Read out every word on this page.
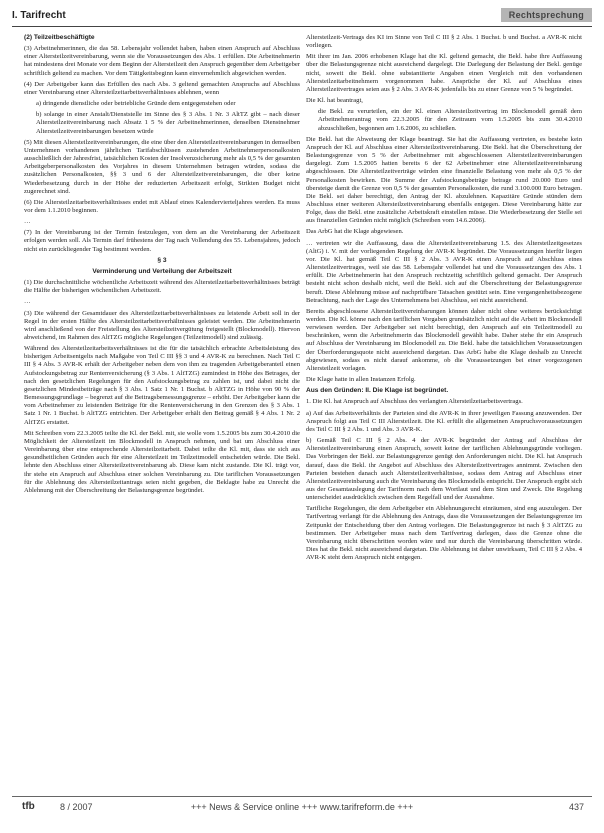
I. Tarifrecht	Rechtsprechung

(2) Teilzeitbeschäftigte

(3) Arbeitnehmerinnen, die das 58. Lebensjahr vollendet haben, haben einen Anspruch auf Abschluss einer Altersteilzeitvereinbarung, wenn sie die Voraussetzungen des Abs. 1 erfüllen. Die Arbeitnehmerin hat mindestens drei Monate vor dem Beginn der Altersteilzeit den Anspruch gegenüber dem Arbeitgeber schriftlich geltend zu machen. Vor dem Tätigkeitsbeginn kann einvernehmlich abgewichen werden.

(4) Der Arbeitgeber kann das Erfüllen des nach Abs. 3 geltend gemachten Anspruchs auf Abschluss einer Vereinbarung einer Altersteilzeitarbeitsverhältnisses ablehnen, wenn

a) dringende dienstliche oder betriebliche Gründe dem entgegenstehen oder

b) solange in einer Anstalt/Dienststelle im Sinne des § 3 Abs. 1 Nr. 3 AltTZ gibt – nach dieser Altersteilzeitvereinbarung nach Absatz 1 5 % der Arbeitnehmerinnen, denselben Dienstnehmer Altersteilzeitvereinbarungen besetzen würde

(5) Mit diesen Altersteilzeitvereinbarungen, die eine über den Altersteilzeitvereinbarungen in demselben Unternehmen vorhandenen jährlichen Tarifabschlüssen zustehenden Arbeitnehmerpersonalkosten ausschließlich der Jahresfrist, tatsächlichen Kosten der Insolvenzsicherung mehr als 0,5 % der gesamten Arbeitgeberpersonalkosten des Vorjahres in diesem Unternehmen betragen würden, sodass die zusätzlichen Personalkosten, §§ 3 und 6 der Altersteilzeitvereinbarungen, die über keine Wiederbesetzung durch in der Höhe der reduzierten Arbeitszeit erfolgt, Strikten Budget nicht zugerechnet sind.

(6) Die Altersteilzeitarbeitsverhältnisses endet mit Ablauf eines Kalendervierteljahres werden. Es muss vor dem 1.1.2010 beginnen.

…

(7) In der Vereinbarung ist der Termin festzulegen, von dem an die Vereinbarung der Arbeitszeit erfolgen werden soll. Als Termin darf frühestens der Tag nach Vollendung des 55. Lebensjahres, jedoch nicht ein zurückliegender Tag bestimmt werden.

§ 3

Verminderung und Verteilung der Arbeitszeit

(1) Die durchschnittliche wöchentliche Arbeitszeit während des Altersteilzeitarbeitsverhältnisses beträgt die Hälfte der bisherigen wöchentlichen Arbeitszeit.

…

(3) Die während der Gesamtdauer des Altersteilzeitarbeitsverhältnisses zu leistende Arbeit soll in der Regel in der ersten Hälfte des Altersteilzeitarbeitsverhältnisses geleistet werden. Die Arbeitnehmerin wird anschließend von der Freistellung des Altersteilzeitvergütung freigestellt (Blockmodell). Hiervon abweichend, im Rahmen des AltTZG mögliche Regelungen (Teilzeitmodell) sind zulässig.

Während des Altersteilzeitarbeitsverhältnisses ist die für die tatsächlich erbrachte Arbeitsleistung des bisherigen Arbeitsentgelts nach Maßgabe von Teil C III §§ 3 und 4 AVR-K zu berechnen. Nach Teil C III § 4 Abs. 3 AVR-K erhält der Arbeitgeber neben dem von ihm zu tragenden Arbeitgeberanteil einen Aufstockungsbetrag zur Rentenversicherung (§ 3 Abs. 1 AltTZG) zumindest in Höhe des Betrages, der nach den gesetzlichen Regelungen für den Aufstockungsbetrag zu zahlen ist, und dabei nicht die gesetzlichen Mindestbeiträge nach § 3 Abs. 1 Satz 1 Nr. 1 Buchst. b AltTZG in Höhe von 90 % der Bemessungsgrundlage – begrenzt auf die Beitragsbemessungsgrenze – erhöht. Der Arbeitgeber kann die vom Arbeitnehmer zu leistenden Beiträge für die Rentenversicherung in den Grenzen des § 3 Abs. 1 Satz 1 Nr. 1 Buchst. b AltTZG entrichten. Der Arbeitgeber erhält den Beitrag gemäß § 4 Abs. 1 Nr. 2 AltTZG erstattet.

Mit Schreiben vom 22.3.2005 teilte die Kl. der Bekl. mit, sie wolle vom 1.5.2005 bis zum 30.4.2010 die Möglichkeit der Altersteilzeit im Blockmodell in Anspruch nehmen, und bat um Abschluss einer Vereinbarung über eine entsprechende Altersteilzeitarbeit. Dabei teilte die Kl. mit, dass sie sich aus gesundheitlichen Gründen auch für eine Altersteilzeit im Teilzeitmodell entscheiden würde. Die Bekl. lehnte den Abschluss einer Altersteilzeitvereinbarung ab. Diese kam nicht zustande. Die Kl. trägt vor, ihr stehe ein Anspruch auf Abschluss einer solchen Vereinbarung zu. Die tariflichen Voraussetzungen für die Ablehnung des Altersteilzeitantrags seien nicht gegeben, die Beklagte habe zu Unrecht die Ablehnung mit der Überschreitung der Belastungsgrenze begründet.

Altersteilzeit-Vertrags des KI im Sinne von Teil C III § 2 Abs. 1 Buchst. b und Buchst. a AVR-K nicht vorliegen.

Mit ihrer im Jan. 2006 erhobenen Klage hat die Kl. geltend gemacht, die Bekl. habe ihre Auffassung über die Belastungsgrenze nicht ausreichend dargelegt. Die Darlegung der Belastung der Bekl. genüge nicht, soweit die Bekl. ohne substantiierte Angaben einen Vergleich mit den vorhandenen Altersteilzeitarbeitnehmern vorgenommen habe. Ansprüche der Kl. auf Abschluss eines Altersteilzeitvertrages seien aus § 2 Abs. 3 AVR-K jedenfalls bis zu einer Grenze von 5 % begründet.

Die Kl. hat beantragt,

die Bekl. zu verurteilen, ein der Kl. einen Altersteilzeitvertrag im Blockmodell gemäß dem Arbeitnehmerantrag vom 22.3.2005 für den Zeitraum vom 1.5.2005 bis zum 30.4.2010 abzuschließen, begonnen am 1.6.2006, zu schließen.

Die Bekl. hat die Abweisung der Klage beantragt. Sie hat die Auffassung vertreten, es bestehe kein Anspruch der Kl. auf Abschluss einer Altersteilzeitvereinbarung. Die Bekl. hat die Überschreitung der Belastungsgrenze von 5 % der Arbeitnehmer mit abgeschlossenen Altersteilzeitvereinbarungen dargelegt. Zum 1.5.2005 hatten bereits 6 der 62 Arbeitnehmer eine Altersteilzeitvereinbarung abgeschlossen. Die Altersteilzeitverträge würden eine finanzielle Belastung von mehr als 0,5 % der Personalkosten bewirken. Die Summe der Aufstockungsbeträge betrage rund 20.000 Euro und übersteige damit die Grenze von 0,5 % der gesamten Personalkosten, die rund 3.100.000 Euro betragen. Die Bekl. sei daher berechtigt, den Antrag der Kl. abzulehnen. Kapazitäre Gründe stünden dem Abschluss einer weiteren Altersteilzeitvereinbarung ebenfalls entgegen. Diese Vereinbarung hätte zur Folge, dass die Bekl. eine zusätzliche Arbeitskraft einstellen müsse. Die Wiederbesetzung der Stelle sei aus finanziellen Gründen nicht möglich (Schreiben vom 14.6.2006).

Das ArbG hat die Klage abgewiesen.

… vertreten wir die Auffassung, dass die Altersteilzeitvereinbarung 1.5. des Altersteilzeitgesetzes (AltG) i. V. mit der vorliegenden Regelung der AVR-K begründet. Die Voraussetzungen hierfür liegen vor. Die Kl. hat gemäß Teil C III § 2 Abs. 3 AVR-K einen Anspruch auf Abschluss eines Altersteilzeitvertrages, weil sie das 58. Lebensjahr vollendet hat und die Voraussetzungen des Abs. 1 erfüllt. Die Arbeitnehmerin hat den Anspruch rechtzeitig schriftlich geltend gemacht. Der Anspruch besteht nicht schon deshalb nicht, weil die Bekl. sich auf die Überschreitung der Belastungsgrenze beruft. Diese Ablehnung müsse auf nachprüfbare Tatsachen gestützt sein. Eine vergangenheitsbezogene Betrachtung, nach der Lage des Unternehmens bei Abschluss, sei nicht ausreichend.

Bereits abgeschlossene Altersteilzeitvereinbarungen können daher nicht ohne weiteres berücksichtigt werden. Die Kl. könne nach den tariflichen Vorgaben grundsätzlich nicht auf die Arbeit im Blockmodell verwiesen werden. Der Arbeitgeber sei nicht berechtigt, den Anspruch auf ein Teilzeitmodell zu beschränken, wenn die Arbeitnehmerin das Blockmodell gewählt habe. Daher stehe ihr ein Anspruch auf Abschluss der Vereinbarung im Blockmodell zu. Die Bekl. habe die tatsächlichen Voraussetzungen der Überforderungsquote nicht ausreichend dargetan. Das ArbG habe die Klage deshalb zu Unrecht abgewiesen, sodass es nicht darauf ankomme, ob die Voraussetzungen bei einer vorgezogenen Altersteilzeit vorlagen.

Die Klage hatte in allen Instanzen Erfolg.

Aus den Gründen: II. Die Klage ist begründet.

1. Die Kl. hat Anspruch auf Abschluss des verlangten Altersteilzeitarbeitsvertrags.

a) Auf das Arbeitsverhältnis der Parteien sind die AVR-K in ihrer jeweiligen Fassung anzuwenden. Der Anspruch folgt aus Teil C III Altersteilzeit. Die Kl. erfüllt die allgemeinen Anspruchsvoraussetzungen des Teil C III § 2 Abs. 1 und Abs. 3 AVR-K.

b) Gemäß Teil C III § 2 Abs. 4 der AVR-K begründet der Antrag auf Abschluss der Altersteilzeitvereinbarung einen Anspruch, soweit keine der tariflichen Ablehnungsgründe vorliegen. Das Vorbringen der Bekl. zur Belastungsgrenze genügt den Anforderungen nicht. Die Kl. hat Anspruch darauf, dass die Bekl. ihr Angebot auf Abschluss des Altersteilzeitvertrages annimmt. Zwischen den Parteien bestehen danach auch Altersteilzeitverhältnisse, sodass dem Antrag auf Abschluss einer Altersteilzeitvereinbarung auch die Vereinbarung des Blockmodells entspricht. Der Anspruch ergibt sich aus der Gesamtauslegung der Tarifnorm nach dem Wortlaut und dem Sinn und Zweck. Die Regelung unterscheidet ausdrücklich zwischen dem Regelfall und der Ausnahme.

Tarifliche Regelungen, die dem Arbeitgeber ein Ablehnungsrecht einräumen, sind eng auszulegen. Der Tarifvertrag verlangt für die Ablehnung des Antrags, dass die Voraussetzungen der Belastungsgrenze im Zeitpunkt der Entscheidung über den Antrag vorliegen. Die Belastungsgrenze ist nach § 3 AltTZG zu bestimmen. Der Arbeitgeber muss nach dem Tarifvertrag darlegen, dass die Grenze ohne die Vereinbarung nicht überschritten worden wäre und nur durch die Vereinbarung überschritten würde. Dies hat die Bekl. nicht ausreichend dargetan. Die Ablehnung ist daher unwirksam, Teil C III § 2 Abs. 4 AVR-K steht dem Anspruch nicht entgegen.

tfb	8 / 2007	+++ News & Service online +++ www.tarifreform.de +++	437
